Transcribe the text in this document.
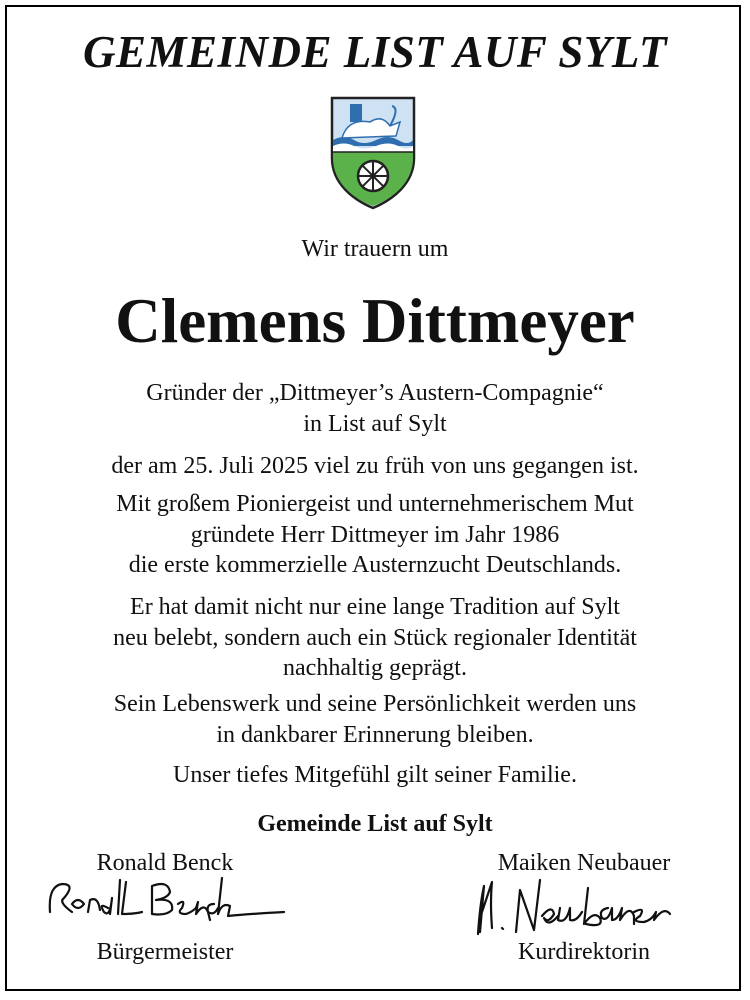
GEMEINDE LIST AUF SYLT
Wir trauern um
Clemens Dittmeyer
Gründer der „Dittmeyer’s Austern-Compagnie“
in List auf Sylt
der am 25. Juli 2025 viel zu früh von uns gegangen ist.
Mit großem Pioniergeist und unternehmerischem Mut
gründete Herr Dittmeyer im Jahr 1986
die erste kommerzielle Austernzucht Deutschlands.
Er hat damit nicht nur eine lange Tradition auf Sylt
neu belebt, sondern auch ein Stück regionaler Identität
nachhaltig geprägt.
Sein Lebenswerk und seine Persönlichkeit werden uns
in dankbarer Erinnerung bleiben.
Unser tiefes Mitgefühl gilt seiner Familie.
Gemeinde List auf Sylt
Ronald Benck
Bürgermeister
Maiken Neubauer
Kurdirektorin
